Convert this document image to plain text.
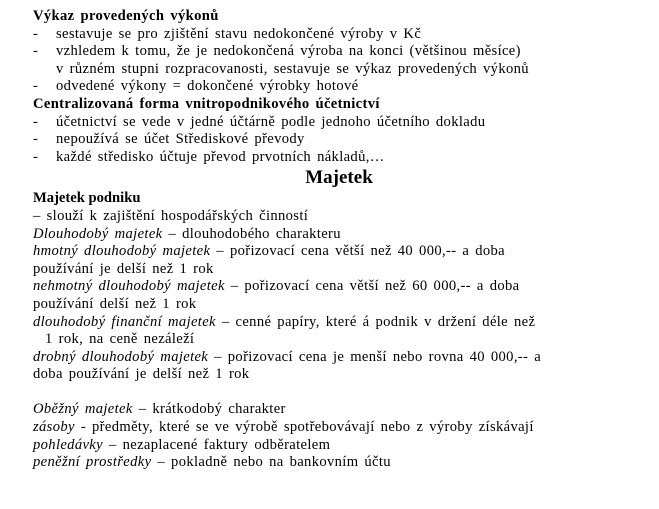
Výkaz provedených výkonů
- sestavuje se pro zjištění stavu nedokončené výroby v Kč
- vzhledem k tomu, že je nedokončená výroba na konci (většinou měsíce)
v různém stupni rozpracovanosti, sestavuje se výkaz provedených výkonů
- odvedené výkony = dokončené výrobky hotové
Centralizovaná forma vnitropodnikového účetnictví
- účetnictví se vede v jedné účtárně podle jednoho účetního dokladu
- nepoužívá se účet Střediskové převody
- každé středisko účtuje převod prvotních nákladů,…
Majetek
Majetek podniku
– slouží k zajištění hospodářských činností
Dlouhodobý majetek – dlouhodobého charakteru
hmotný dlouhodobý majetek – pořizovací cena větší než 40 000,-- a doba
používání je delší než 1 rok
nehmotný dlouhodobý majetek – pořizovací cena větší než 60 000,-- a doba
používání delší než 1 rok
dlouhodobý finanční majetek – cenné papíry, které á podnik v držení déle než
1 rok, na ceně nezáleží
drobný dlouhodobý majetek – pořizovací cena je menší nebo rovna 40 000,-- a
doba používání je delší než 1 rok
Oběžný majetek – krátkodobý charakter
zásoby - předměty, které se ve výrobě spotřebovávají nebo z výroby získávají
pohledávky – nezaplacené faktury odběratelem
peněžní prostředky – pokladně nebo na bankovním účtu
